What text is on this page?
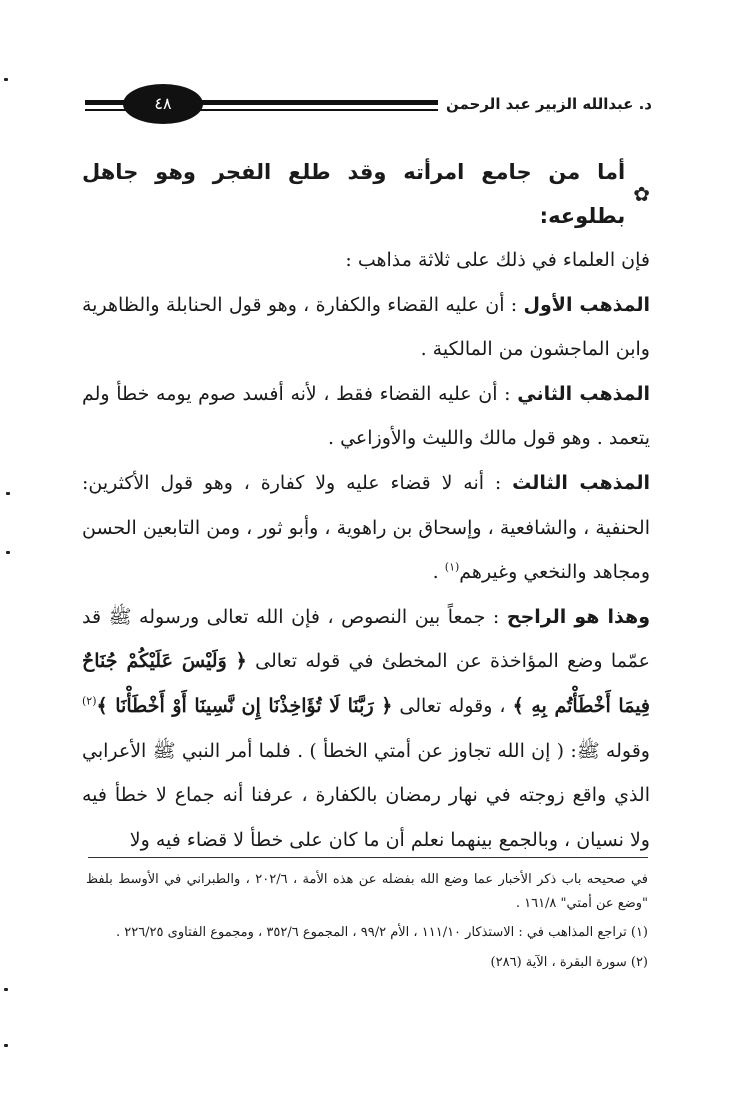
د. عبدالله الزبير عبد الرحمن
٤٨
✿
أما من جامع امرأته وقد طلع الفجر وهو جاهل بطلوعه:

فإن العلماء في ذلك على ثلاثة مذاهب :

المذهب الأول : أن عليه القضاء والكفارة ، وهو قول الحنابلة والظاهرية وابن الماجشون من المالكية .

المذهب الثاني : أن عليه القضاء فقط ، لأنه أفسد صوم يومه خطأ ولم يتعمد . وهو قول مالك والليث والأوزاعي .

المذهب الثالث : أنه لا قضاء عليه ولا كفارة ، وهو قول الأكثرين: الحنفية ، والشافعية ، وإسحاق بن راهوية ، وأبو ثور ، ومن التابعين الحسن ومجاهد والنخعي وغيرهم$^{(١)}$ .

وهذا هو الراجح : جمعاً بين النصوص ، فإن الله تعالى ورسوله ﷺ قد عمّما وضع المؤاخذة عن المخطئ في قوله تعالى ﴿ وَلَيْسَ عَلَيْكُمْ جُنَاحٌ فِيمَا أَخْطَأْتُم بِهِ ﴾ ، وقوله تعالى ﴿ رَبَّنَا لَا تُؤَاخِذْنَا إِن نَّسِينَا أَوْ أَخْطَأْنَا ﴾$^{(٢)}$ وقوله ﷺ: ( إن الله تجاوز عن أمتي الخطأ ) . فلما أمر النبي ﷺ الأعرابي الذي واقع زوجته في نهار رمضان بالكفارة ، عرفنا أنه جماع لا خطأ فيه ولا نسيان ، وبالجمع بينهما نعلم أن ما كان على خطأ لا قضاء فيه ولا

في صحيحه باب ذكر الأخبار عما وضع الله بفضله عن هذه الأمة ، ٢٠٢/٦ ، والطبراني في الأوسط بلفظ "وضع عن أمتي" ١٦١/٨ .

(١) تراجع المذاهب في : الاستذكار ١١١/١٠ ، الأم ٩٩/٢ ، المجموع ٣٥٢/٦ ، ومجموع الفتاوى ٢٢٦/٢٥ .

(٢) سورة البقرة ، الآية (٢٨٦)
